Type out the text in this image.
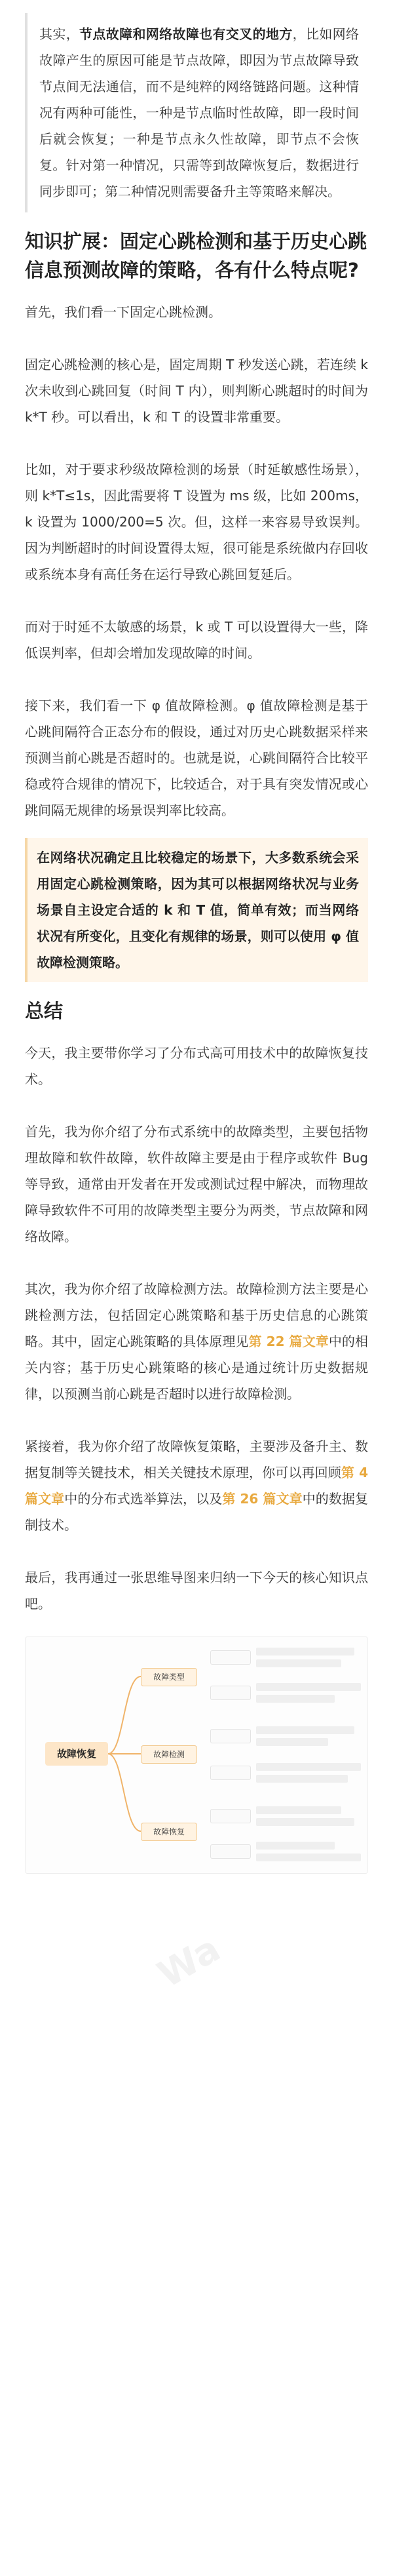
其实，节点故障和网络故障也有交叉的地方，比如网络故障产生的原因可能是节点故障，即因为节点故障导致节点间无法通信，而不是纯粹的网络链路问题。这种情况有两种可能性，一种是节点临时性故障，即一段时间后就会恢复；一种是节点永久性故障，即节点不会恢复。针对第一种情况，只需等到故障恢复后，数据进行同步即可；第二种情况则需要备升主等策略来解决。

知识扩展：固定心跳检测和基于历史心跳信息预测故障的策略，各有什么特点呢?

首先，我们看一下固定心跳检测。

固定心跳检测的核心是，固定周期 T 秒发送心跳，若连续 k 次未收到心跳回复（时间 T 内），则判断心跳超时的时间为 k*T 秒。可以看出，k 和 T 的设置非常重要。

比如，对于要求秒级故障检测的场景（时延敏感性场景），则 k*T≤1s，因此需要将 T 设置为 ms 级，比如 200ms，k 设置为 1000/200=5 次。但，这样一来容易导致误判。因为判断超时的时间设置得太短，很可能是系统做内存回收或系统本身有高任务在运行导致心跳回复延后。

而对于时延不太敏感的场景，k 或 T 可以设置得大一些，降低误判率，但却会增加发现故障的时间。

接下来，我们看一下 φ 值故障检测。φ 值故障检测是基于心跳间隔符合正态分布的假设，通过对历史心跳数据采样来预测当前心跳是否超时的。也就是说，心跳间隔符合比较平稳或符合规律的情况下，比较适合，对于具有突发情况或心跳间隔无规律的场景误判率比较高。

在网络状况确定且比较稳定的场景下，大多数系统会采用固定心跳检测策略，因为其可以根据网络状况与业务场景自主设定合适的 k 和 T 值，简单有效；而当网络状况有所变化，且变化有规律的场景，则可以使用 φ 值故障检测策略。

总结

今天，我主要带你学习了分布式高可用技术中的故障恢复技术。

首先，我为你介绍了分布式系统中的故障类型，主要包括物理故障和软件故障，软件故障主要是由于程序或软件 Bug 等导致，通常由开发者在开发或测试过程中解决，而物理故障导致软件不可用的故障类型主要分为两类，节点故障和网络故障。

其次，我为你介绍了故障检测方法。故障检测方法主要是心跳检测方法，包括固定心跳策略和基于历史信息的心跳策略。其中，固定心跳策略的具体原理见第 22 篇文章中的相关内容；基于历史心跳策略的核心是通过统计历史数据规律，以预测当前心跳是否超时以进行故障检测。

紧接着，我为你介绍了故障恢复策略，主要涉及备升主、数据复制等关键技术，相关关键技术原理，你可以再回顾第 4 篇文章中的分布式选举算法，以及第 26 篇文章中的数据复制技术。

最后，我再通过一张思维导图来归纳一下今天的核心知识点吧。

故障恢复
故障类型
故障检测
故障恢复
Wa
